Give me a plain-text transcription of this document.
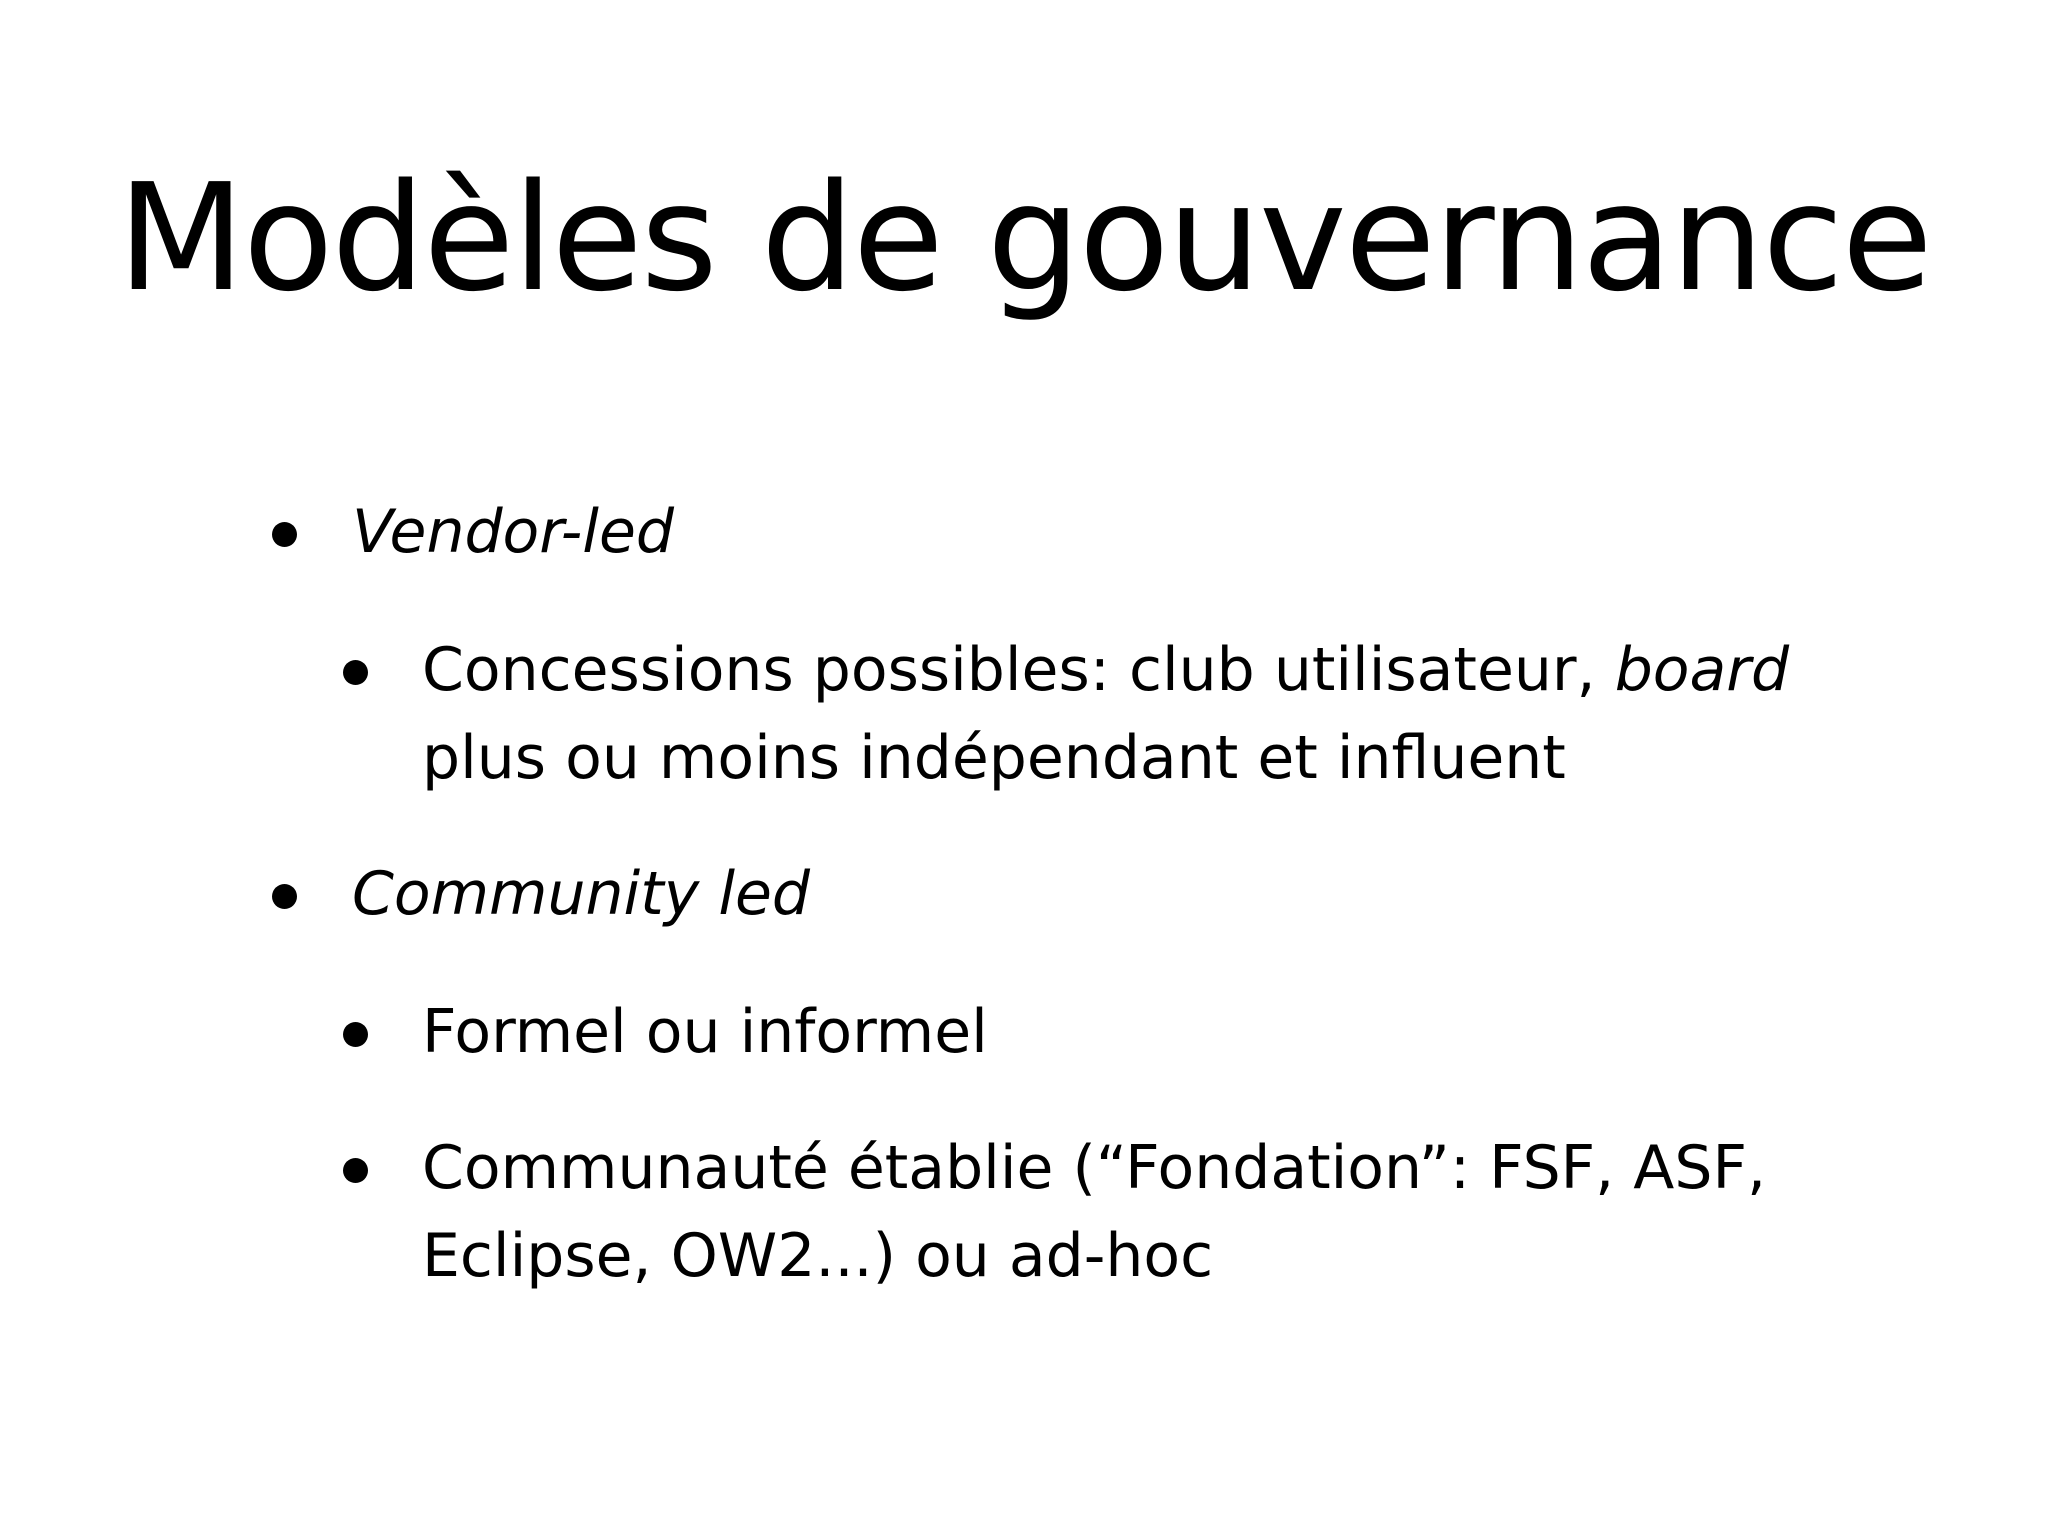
Modèles de gouvernance
Vendor-led
Concessions possibles: club utilisateur, board
plus ou moins indépendant et influent
Community led
Formel ou informel
Communauté établie (“Fondation”: FSF, ASF,
Eclipse, OW2...) ou ad-hoc
